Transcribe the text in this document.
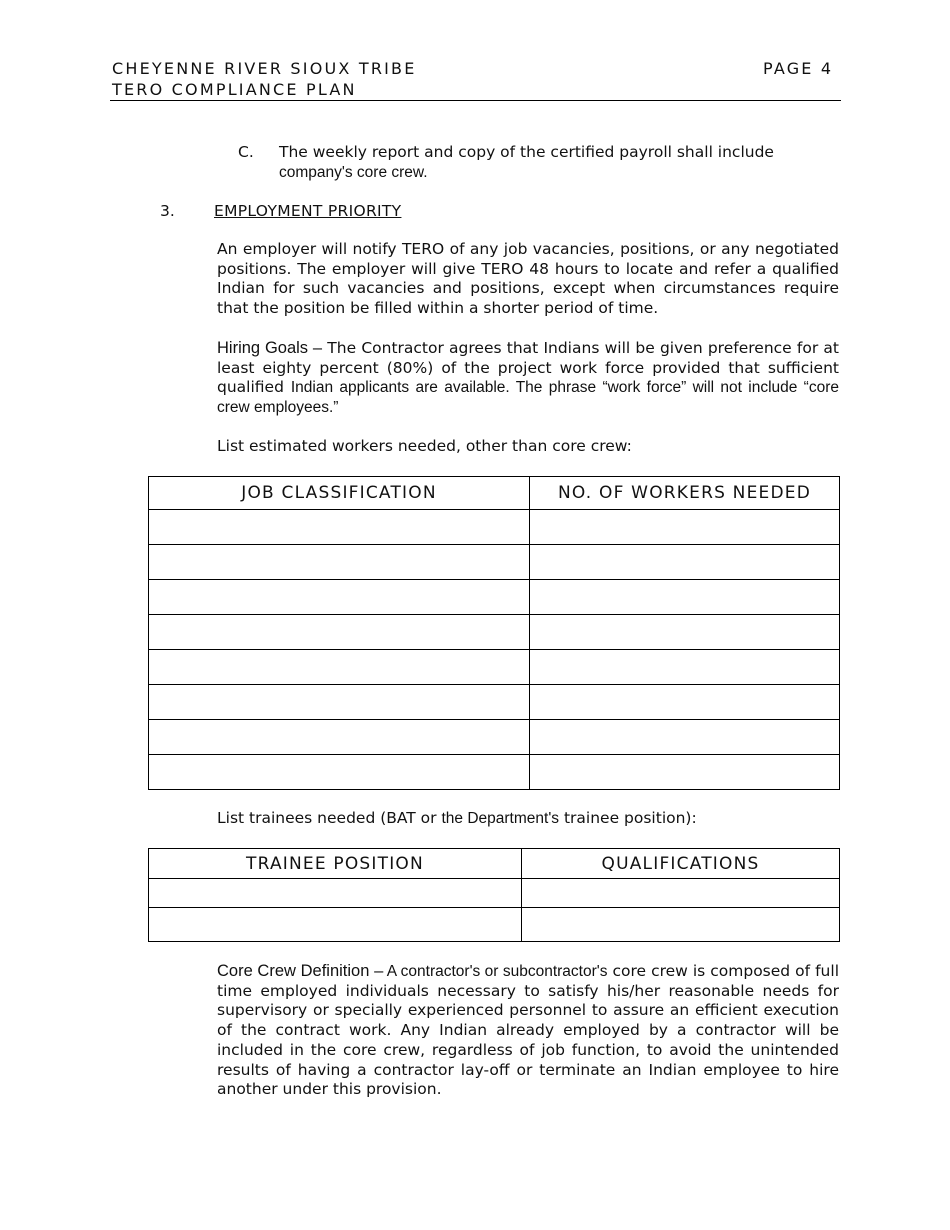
CHEYENNE RIVER SIOUX TRIBE
TERO COMPLIANCE PLAN
PAGE 4
C. The weekly report and copy of the certified payroll shall include
company's core crew.
3.	EMPLOYMENT PRIORITY
An employer will notify TERO of any job vacancies, positions, or any negotiated positions. The employer will give TERO 48 hours to locate and refer a qualified Indian for such vacancies and positions, except when circumstances require that the position be filled within a shorter period of time.
Hiring Goals – The Contractor agrees that Indians will be given preference for at least eighty percent (80%) of the project work force provided that sufficient qualified Indian applicants are available. The phrase “work force” will not include “core crew employees.”
List estimated workers needed, other than core crew:
JOB CLASSIFICATION	NO. OF WORKERS NEEDED

List trainees needed (BAT or the Department's trainee position):
TRAINEE POSITION	QUALIFICATIONS

Core Crew Definition – A contractor's or subcontractor's core crew is composed of full time employed individuals necessary to satisfy his/her reasonable needs for supervisory or specially experienced personnel to assure an efficient execution of the contract work. Any Indian already employed by a contractor will be included in the core crew, regardless of job function, to avoid the unintended results of having a contractor lay-off or terminate an Indian employee to hire another under this provision.
